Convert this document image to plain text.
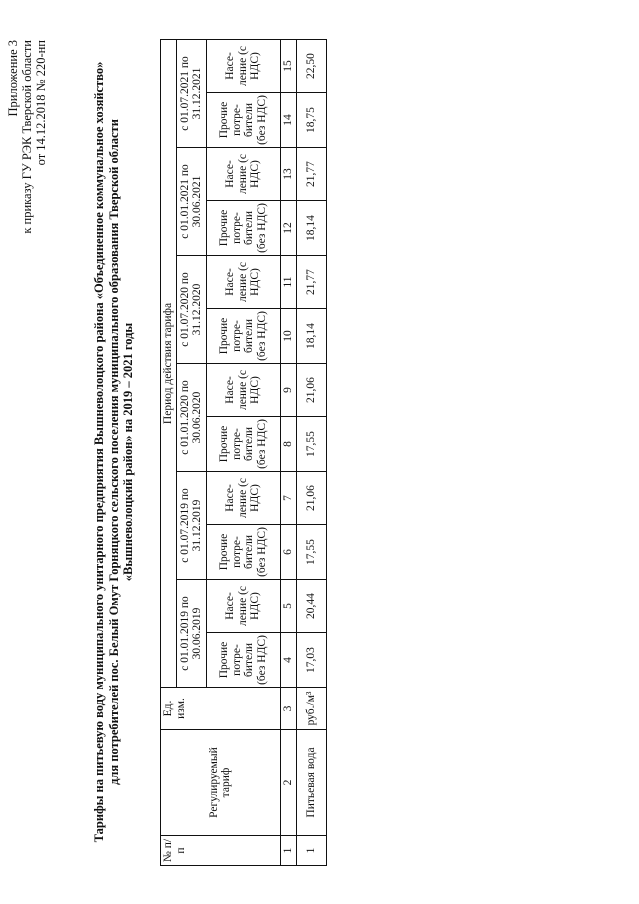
Приложение 3 к приказу ГУ РЭК Тверской области от 14.12.2018 № 220-нп	Тарифы на питьевую воду муниципального унитарного предприятия Вышневолоцкого района «Объединенное коммунальное хозяйство» для потребителей пос. Белый Омут Горняцкого сельского поселения муниципального образования Тверской области «Вышневолоцкий район» на 2019 – 2021 годы
№ п/ п	Регулируемый тариф	Ед. изм.	Период действия тарифа											
			с 01.01.2019 по 30.06.2019		с 01.07.2019 по 31.12.2019		с 01.01.2020 по 30.06.2020		с 01.07.2020 по 31.12.2020		с 01.01.2021 по 30.06.2021		с 01.07.2021 по 31.12.2021	
			Прочие потре- бители (без НДС)	Насе- ление (с НДС)	Прочие потре- бители (без НДС)	Насе- ление (с НДС)	Прочие потре- бители (без НДС)	Насе- ление (с НДС)	Прочие потре- бители (без НДС)	Насе- ление (с НДС)	Прочие потре- бители (без НДС)	Насе- ление (с НДС)	Прочие потре- бители (без НДС)	Насе- ление (с НДС)
1	2	3	4	5	6	7	8	9	10	11	12	13	14	15
1	Питьевая вода	руб./м³	17,03	20,44	17,55	21,06	17,55	21,06	18,14	21,77	18,14	21,77	18,75	22,50
